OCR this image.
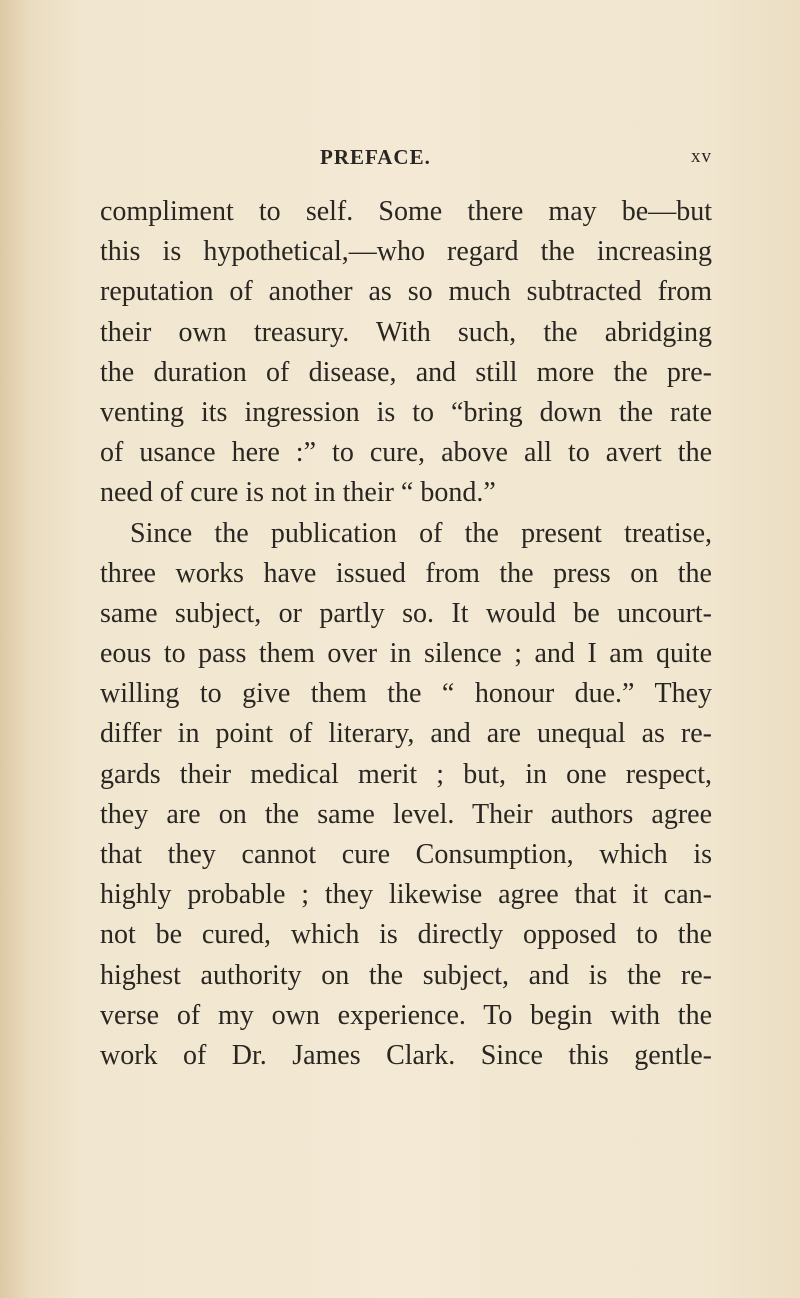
PREFACE.	xv
compliment to self. Some there may be—but
this is hypothetical,—who regard the increasing
reputation of another as so much subtracted from
their own treasury. With such, the abridging
the duration of disease, and still more the pre-
venting its ingression is to “bring down the rate
of usance here :” to cure, above all to avert the
need of cure is not in their “ bond.”
Since the publication of the present treatise,
three works have issued from the press on the
same subject, or partly so. It would be uncourt-
eous to pass them over in silence ; and I am quite
willing to give them the “ honour due.” They
differ in point of literary, and are unequal as re-
gards their medical merit ; but, in one respect,
they are on the same level. Their authors agree
that they cannot cure Consumption, which is
highly probable ; they likewise agree that it can-
not be cured, which is directly opposed to the
highest authority on the subject, and is the re-
verse of my own experience. To begin with the
work of Dr. James Clark. Since this gentle-
